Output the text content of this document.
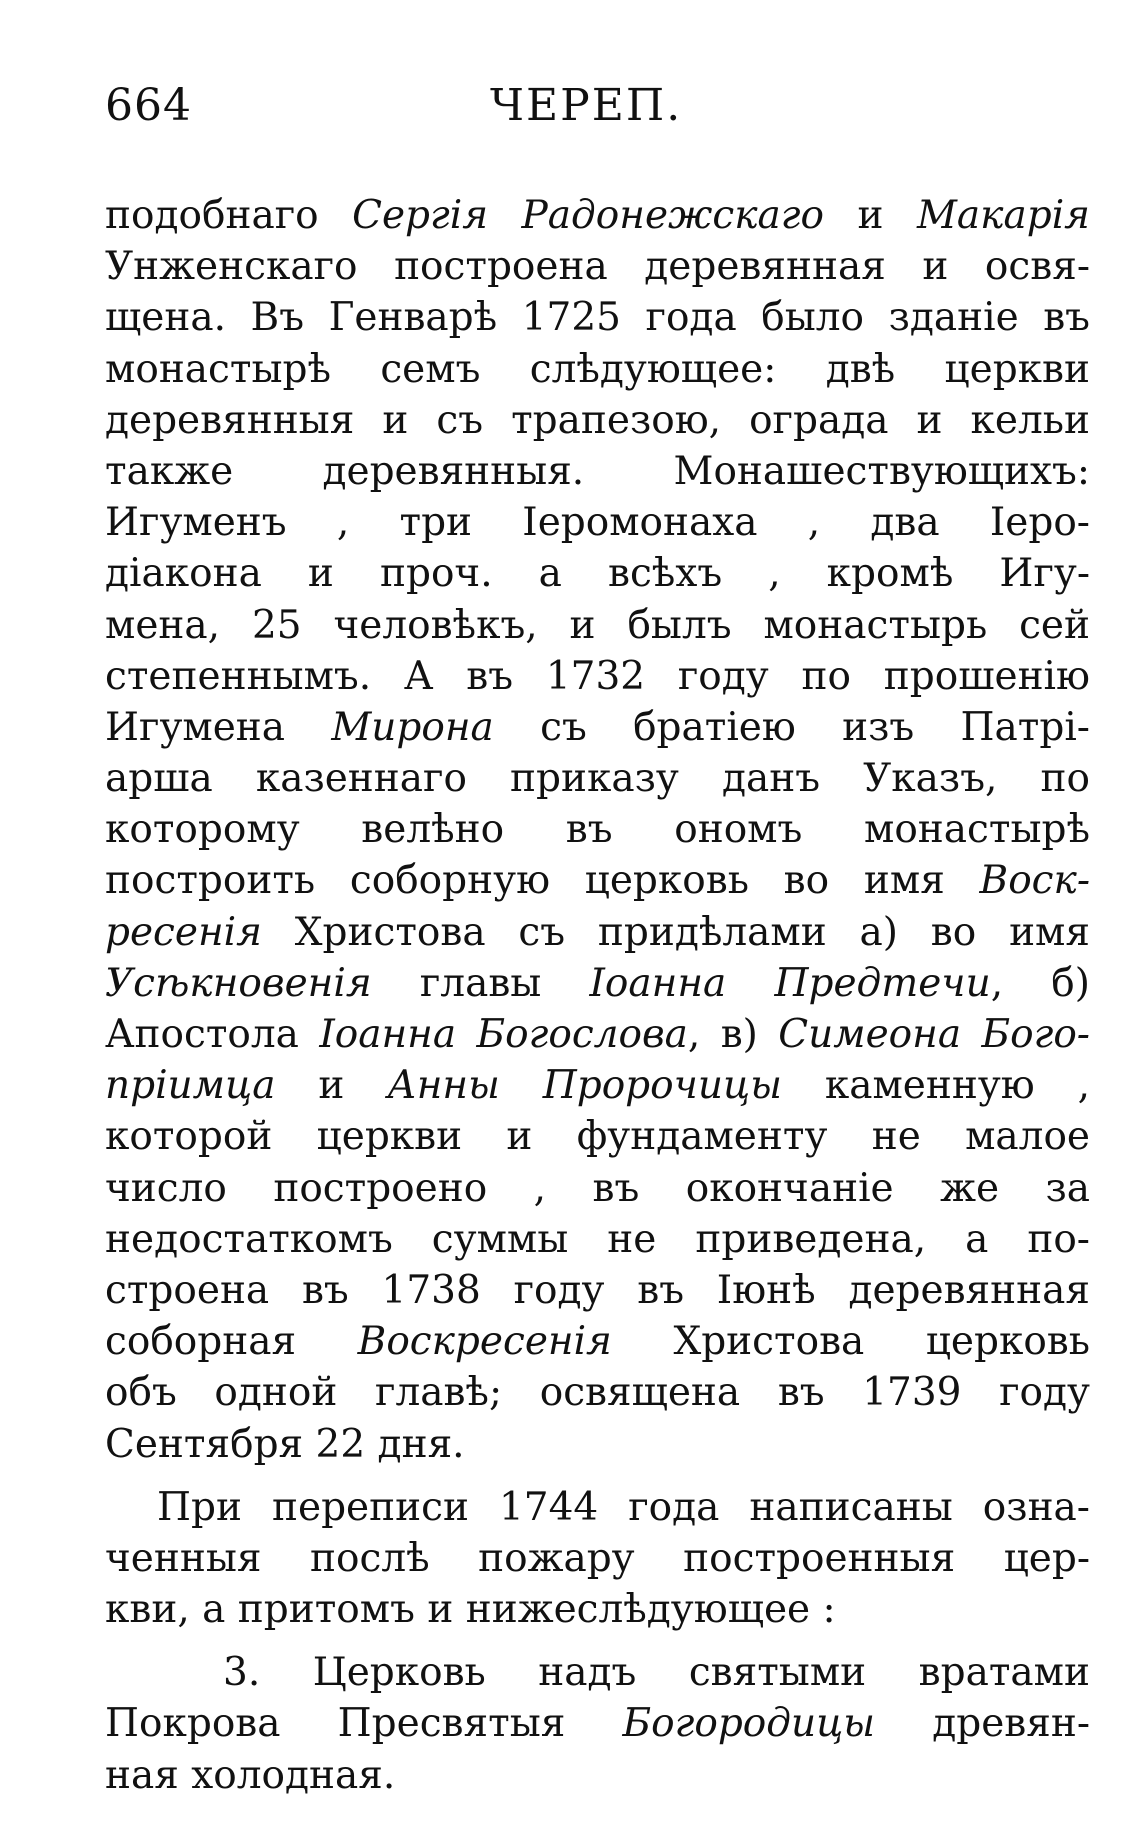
664	ЧЕРЕП.
подобнаго Сергія Радонежскаго и Макарія
Унженскаго построена деревянная и освя-
щена. Въ Генварѣ 1725 года было зданіе въ
монастырѣ семъ слѣдующее: двѣ церкви
деревянныя и съ трапезою, ограда и кельи
также деревянныя. Монашествующихъ:
Игуменъ , три Іеромонаха , два Іеро-
діакона и проч. а всѣхъ , кромѣ Игу-
мена, 25 человѣкъ, и былъ монастырь сей
степеннымъ. А въ 1732 году по прошенію
Игумена Мирона съ братіею изъ Патрі-
арша казеннаго приказу данъ Указъ, по
которому велѣно въ ономъ монастырѣ
построить соборную церковь во имя Воск-
ресенія Христова съ придѣлами а) во имя
Усѣкновенія главы Іоанна Предтечи, б)
Апостола Іоанна Богослова, в) Симеона Бого-
пріимца и Анны Пророчицы каменную ,
которой церкви и фундаменту не малое
число построено , въ окончаніе же за
недостаткомъ суммы не приведена, а по-
строена въ 1738 году въ Іюнѣ деревянная
соборная Воскресенія Христова церковь
объ одной главѣ; освящена въ 1739 году
Сентября 22 дня.
При переписи 1744 года написаны озна-
ченныя послѣ пожару построенныя цер-
кви, а притомъ и нижеслѣдующее :
3. Церковь надъ святыми вратами
Покрова Пресвятыя Богородицы древян-
ная холодная.
